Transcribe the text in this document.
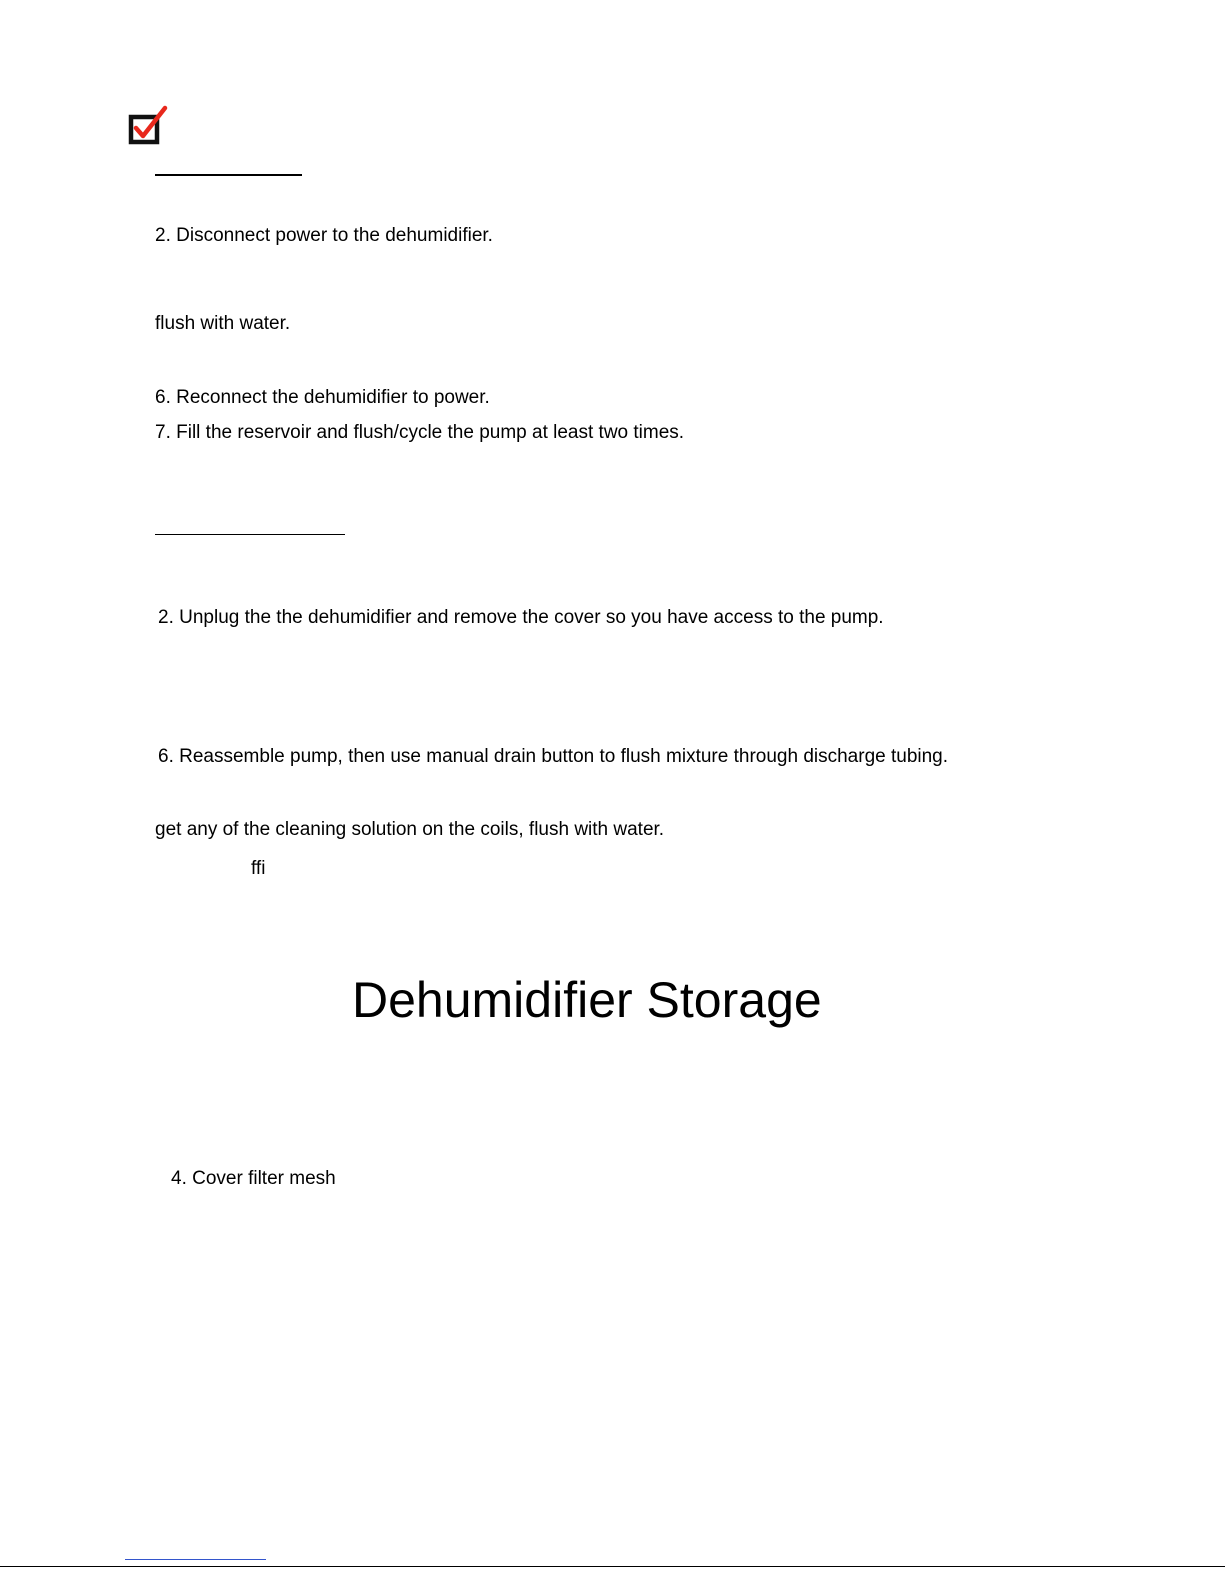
2. Disconnect power to the dehumidifier.
flush with water.
6. Reconnect the dehumidifier to power.
7. Fill the reservoir and flush/cycle the pump at least two times.
2. Unplug the the dehumidifier and remove the cover so you have access to the pump.
6. Reassemble pump, then use manual drain button to flush mixture through discharge tubing.
get any of the cleaning solution on the coils, flush with water.
ffi
Dehumidifier Storage
4. Cover filter mesh
